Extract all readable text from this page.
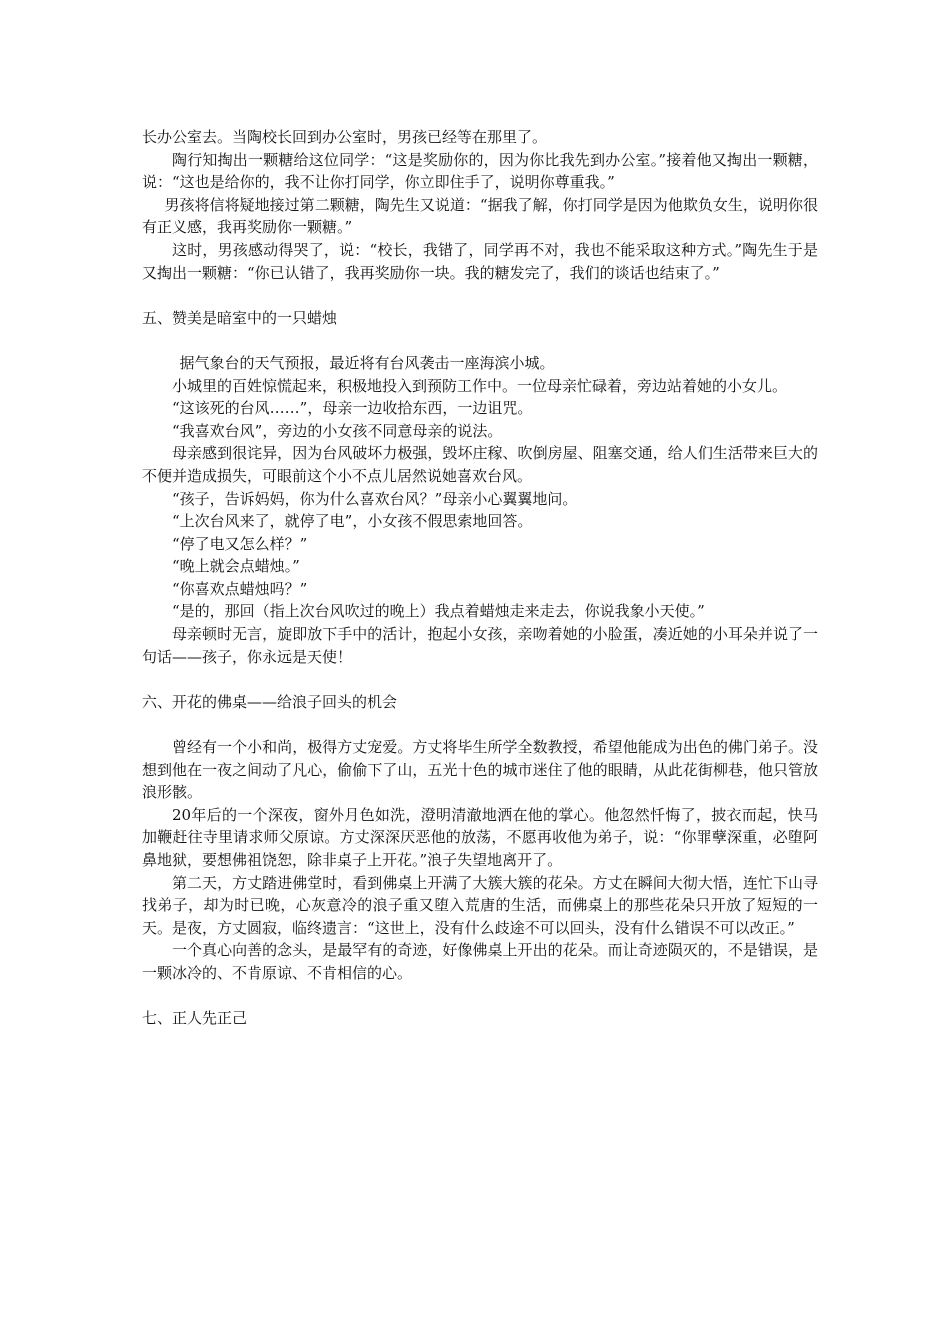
长办公室去。当陶校长回到办公室时，男孩已经等在那里了。

陶行知掏出一颗糖给这位同学：“这是奖励你的，因为你比我先到办公室。”接着他又掏出一颗糖，说：“这也是给你的，我不让你打同学，你立即住手了，说明你尊重我。”

男孩将信将疑地接过第二颗糖，陶先生又说道：“据我了解，你打同学是因为他欺负女生，说明你很有正义感，我再奖励你一颗糖。”

这时，男孩感动得哭了，说：“校长，我错了，同学再不对，我也不能采取这种方式。”陶先生于是又掏出一颗糖：“你已认错了，我再奖励你一块。我的糖发完了，我们的谈话也结束了。”

五、赞美是暗室中的一只蜡烛

据气象台的天气预报，最近将有台风袭击一座海滨小城。

小城里的百姓惊慌起来，积极地投入到预防工作中。一位母亲忙碌着，旁边站着她的小女儿。

“这该死的台风……”，母亲一边收拾东西，一边诅咒。

“我喜欢台风”，旁边的小女孩不同意母亲的说法。

母亲感到很诧异，因为台风破坏力极强，毁坏庄稼、吹倒房屋、阻塞交通，给人们生活带来巨大的不便并造成损失，可眼前这个小不点儿居然说她喜欢台风。

“孩子，告诉妈妈，你为什么喜欢台风？”母亲小心翼翼地问。

“上次台风来了，就停了电”，小女孩不假思索地回答。

“停了电又怎么样？”

“晚上就会点蜡烛。”

“你喜欢点蜡烛吗？”

“是的，那回（指上次台风吹过的晚上）我点着蜡烛走来走去，你说我象小天使。”

母亲顿时无言，旋即放下手中的活计，抱起小女孩，亲吻着她的小脸蛋，凑近她的小耳朵并说了一句话——孩子，你永远是天使！

六、开花的佛桌——给浪子回头的机会

曾经有一个小和尚，极得方丈宠爱。方丈将毕生所学全数教授，希望他能成为出色的佛门弟子。没想到他在一夜之间动了凡心，偷偷下了山，五光十色的城市迷住了他的眼睛，从此花街柳巷，他只管放浪形骸。

20年后的一个深夜，窗外月色如洗，澄明清澈地洒在他的掌心。他忽然忏悔了，披衣而起，快马加鞭赶往寺里请求师父原谅。方丈深深厌恶他的放荡，不愿再收他为弟子，说：“你罪孽深重，必堕阿鼻地狱，要想佛祖饶恕，除非桌子上开花。”浪子失望地离开了。

第二天，方丈踏进佛堂时，看到佛桌上开满了大簇大簇的花朵。方丈在瞬间大彻大悟，连忙下山寻找弟子，却为时已晚，心灰意冷的浪子重又堕入荒唐的生活，而佛桌上的那些花朵只开放了短短的一天。是夜，方丈圆寂，临终遗言：“这世上，没有什么歧途不可以回头，没有什么错误不可以改正。”

一个真心向善的念头，是最罕有的奇迹，好像佛桌上开出的花朵。而让奇迹陨灭的，不是错误，是一颗冰冷的、不肯原谅、不肯相信的心。

七、正人先正己
